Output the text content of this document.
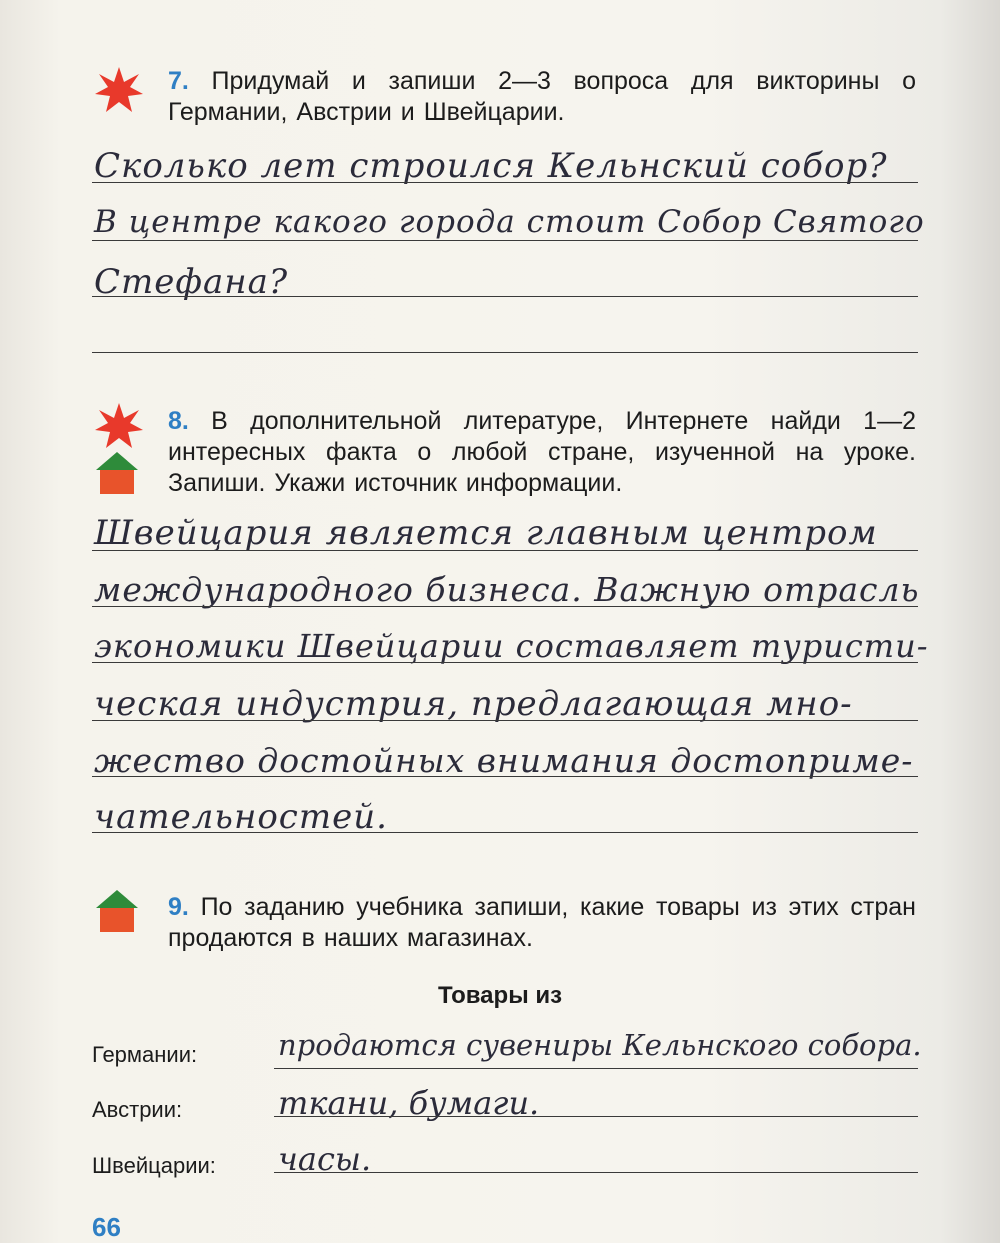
7. Придумай и запиши 2—3 вопроса для викторины о Германии, Австрии и Швейцарии.
Сколько лет строился Кельнский собор?
В центре какого города стоит Собор Святого
Стефана?
8. В дополнительной литературе, Интернете найди 1—2 интересных факта о любой стране, изученной на уроке. Запиши. Укажи источник информации.
Швейцария является главным центром
международного бизнеса. Важную отрасль
экономики Швейцарии составляет туристи-
ческая индустрия, предлагающая мно-
жество достойных внимания достоприме-
чательностей.
9. По заданию учебника запиши, какие товары из этих стран продаются в наших магазинах.
Товары из
Германии:	продаются сувениры Кельнского собора.
Австрии:	ткани, бумаги.
Швейцарии: часы.
66
